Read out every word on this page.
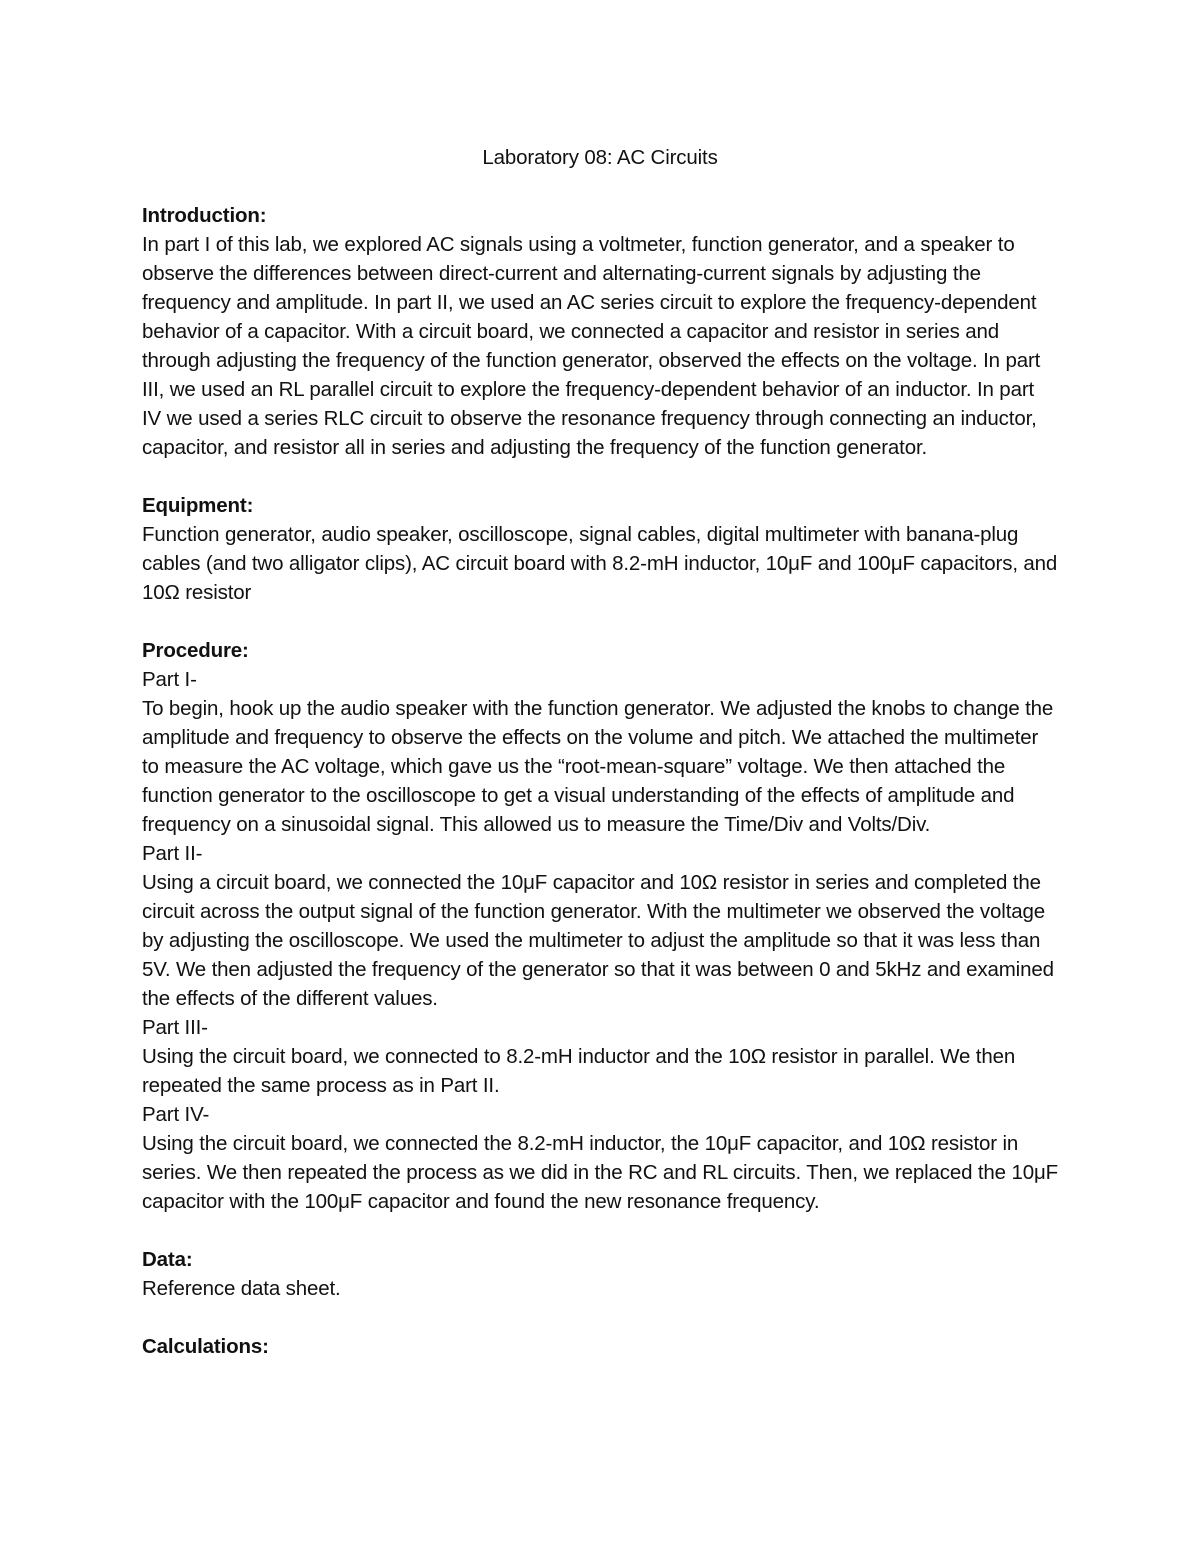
Laboratory 08: AC Circuits
Introduction:

In part I of this lab, we explored AC signals using a voltmeter, function generator, and a speaker to observe the differences between direct-current and alternating-current signals by adjusting the frequency and amplitude. In part II, we used an AC series circuit to explore the frequency-dependent behavior of a capacitor. With a circuit board, we connected a capacitor and resistor in series and through adjusting the frequency of the function generator, observed the effects on the voltage. In part III, we used an RL parallel circuit to explore the frequency-dependent behavior of an inductor. In part IV we used a series RLC circuit to observe the resonance frequency through connecting an inductor, capacitor, and resistor all in series and adjusting the frequency of the function generator.

Equipment:

Function generator, audio speaker, oscilloscope, signal cables, digital multimeter with banana-plug cables (and two alligator clips), AC circuit board with 8.2-mH inductor, 10μF and 100μF capacitors, and 10Ω resistor

Procedure:

Part I-

To begin, hook up the audio speaker with the function generator. We adjusted the knobs to change the amplitude and frequency to observe the effects on the volume and pitch. We attached the multimeter to measure the AC voltage, which gave us the “root-mean-square” voltage. We then attached the function generator to the oscilloscope to get a visual understanding of the effects of amplitude and frequency on a sinusoidal signal. This allowed us to measure the Time/Div and Volts/Div.

Part II-

Using a circuit board, we connected the 10μF capacitor and 10Ω resistor in series and completed the circuit across the output signal of the function generator. With the multimeter we observed the voltage by adjusting the oscilloscope. We used the multimeter to adjust the amplitude so that it was less than 5V. We then adjusted the frequency of the generator so that it was between 0 and 5kHz and examined the effects of the different values.

Part III-

Using the circuit board, we connected to 8.2-mH inductor and the 10Ω resistor in parallel. We then repeated the same process as in Part II.

Part IV-

Using the circuit board, we connected the 8.2-mH inductor, the 10μF capacitor, and 10Ω resistor in series. We then repeated the process as we did in the RC and RL circuits. Then, we replaced the 10μF capacitor with the 100μF capacitor and found the new resonance frequency.

Data:

Reference data sheet.

Calculations:
